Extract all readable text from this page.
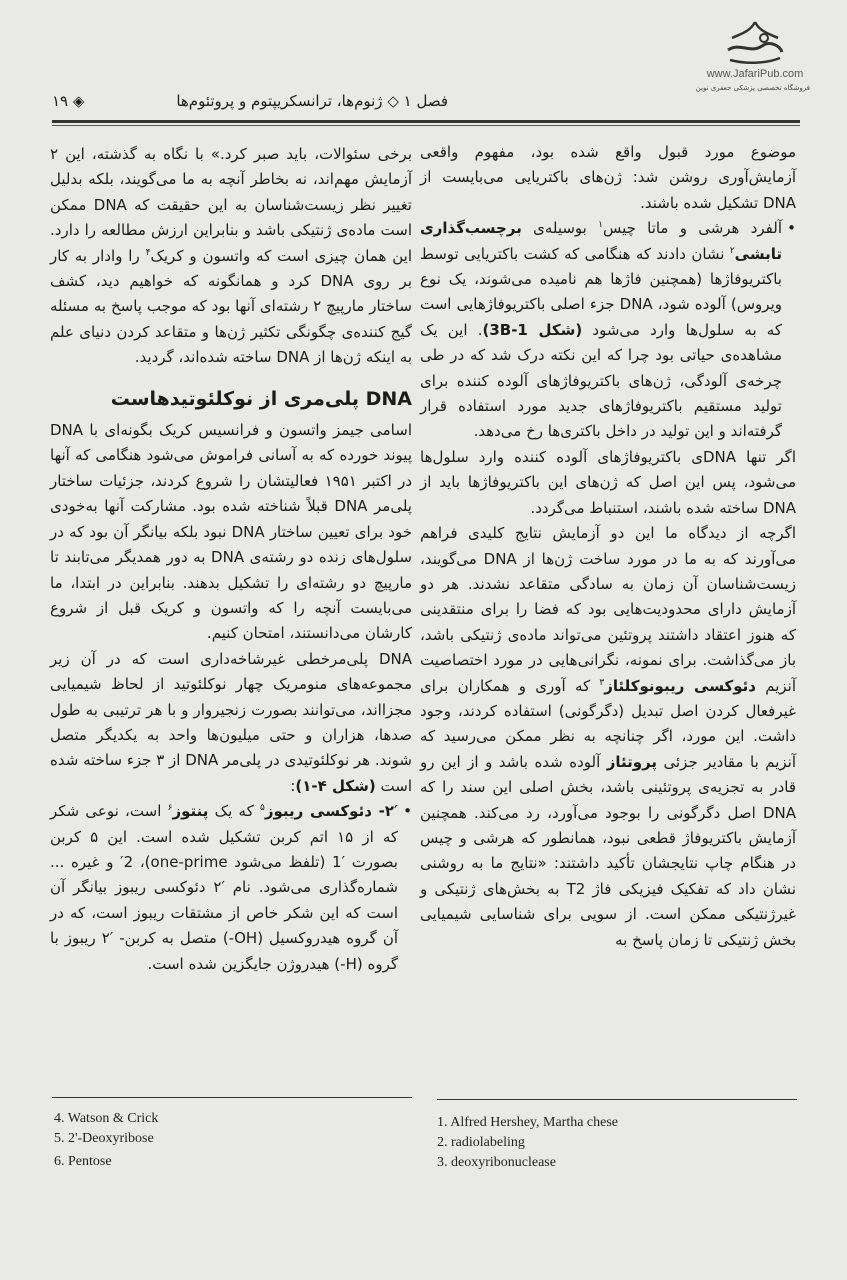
www.JafariPub.com
فروشگاه تخصصی پزشکی جعفری نوین
فصل ۱ ◇ ژنوم‌ها، ترانسکریپتوم و پروتئوم‌ها
◈ ۱۹

موضوع مورد قبول واقع شده بود، مفهوم واقعی آزمایش‌آوری روشن شد: ژن‌های باکتریایی می‌بایست از DNA تشکیل شده باشند.

• آلفرد هرشی و ماتا چیس$^۱$ بوسیله‌ی برچسب‌گذاری تابشی$^۲$ نشان دادند که هنگامی که کشت باکتریایی توسط باکتریوفاژها (همچنین فاژها هم نامیده می‌شوند، یک نوع ویروس) آلوده شود، DNA جزء اصلی باکتریوفاژهایی است که به سلول‌ها وارد می‌شود (شکل 3B-1). این یک مشاهده‌ی حیاتی بود چرا که این نکته درک شد که در طی چرخه‌ی آلودگی، ژن‌های باکتریوفاژهای آلوده کننده برای تولید مستقیم باکتریوفاژهای جدید مورد استفاده قرار گرفته‌اند و این تولید در داخل باکتری‌ها رخ می‌دهد.

اگر تنها DNAی باکتریوفاژهای آلوده کننده وارد سلول‌ها می‌شود، پس این اصل که ژن‌های این باکتریوفاژها باید از DNA ساخته شده باشند، استنباط می‌گردد.

اگرچه از دیدگاه ما این دو آزمایش نتایج کلیدی فراهم می‌آورند که به ما در مورد ساخت ژن‌ها از DNA می‌گویند، زیست‌شناسان آن زمان به سادگی متقاعد نشدند. هر دو آزمایش دارای محدودیت‌هایی بود که فضا را برای منتقدینی که هنوز اعتقاد داشتند پروتئین می‌تواند ماده‌ی ژنتیکی باشد، باز می‌گذاشت. برای نمونه، نگرانی‌هایی در مورد اختصاصیت آنزیم دئوکسی ریبونوکلئاز$^۳$ که آوری و همکاران برای غیرفعال کردن اصل تبدیل (دگرگونی) استفاده کردند، وجود داشت. این مورد، اگر چنانچه به نظر ممکن می‌رسید که آنزیم با مقادیر جزئی پروتئاز آلوده شده باشد و از این رو قادر به تجزیه‌ی پروتئینی باشد، بخش اصلی این سند را که DNA اصل دگرگونی را بوجود می‌آورد، رد می‌کند. همچنین آزمایش باکتریوفاژ قطعی نبود، همانطور که هرشی و چیس در هنگام چاپ نتایجشان تأکید داشتند: «نتایج ما به روشنی نشان داد که تفکیک فیزیکی فاژ T2 به بخش‌های ژنتیکی و غیرژنتیکی ممکن است. از سویی برای شناسایی شیمیایی بخش ژنتیکی تا زمان پاسخ به

برخی سئوالات، باید صبر کرد.» با نگاه به گذشته، این ۲ آزمایش مهم‌اند، نه بخاطر آنچه به ما می‌گویند، بلکه بدلیل تغییر نظر زیست‌شناسان به این حقیقت که DNA ممکن است ماده‌ی ژنتیکی باشد و بنابراین ارزش مطالعه را دارد. این همان چیزی است که واتسون و کریک$^۴$ را وادار به کار بر روی DNA کرد و همانگونه که خواهیم دید، کشف ساختار مارپیچ ۲ رشته‌ای آنها بود که موجب پاسخ به مسئله گیج کننده‌ی چگونگی تکثیر ژن‌ها و متقاعد کردن دنیای علم به اینکه ژن‌ها از DNA ساخته شده‌اند، گردید.

DNA پلی‌مری از نوکلئوتیدهاست

اسامی جیمز واتسون و فرانسیس کریک بگونه‌ای با DNA پیوند خورده که به آسانی فراموش می‌شود هنگامی که آنها در اکتبر ۱۹۵۱ فعالیتشان را شروع کردند، جزئیات ساختار پلی‌مر DNA قبلاً شناخته شده بود. مشارکت آنها به‌خودی خود برای تعیین ساختار DNA نبود بلکه بیانگر آن بود که در سلول‌های زنده دو رشته‌ی DNA به دور همدیگر می‌تابند تا مارپیچ دو رشته‌ای را تشکیل بدهند. بنابراین در ابتدا، ما می‌بایست آنچه را که واتسون و کریک قبل از شروع کارشان می‌دانستند، امتحان کنیم.

DNA پلی‌مرخطی غیرشاخه‌داری است که در آن زیر مجموعه‌های منومریک چهار نوکلئوتید از لحاظ شیمیایی مجزااند، می‌توانند بصورت زنجیروار و با هر ترتیبی به طول صدها، هزاران و حتی میلیون‌ها واحد به یکدیگر متصل شوند. هر نوکلئوتیدی در پلی‌مر DNA از ۳ جزء ساخته شده است (شکل ۴-۱):

• ۲′- دئوکسی ریبوز$^۵$ که یک پنتوز$^۶$ است، نوعی شکر که از ۱۵ اتم کربن تشکیل شده است. این ۵ کربن بصورت ′1 (تلفظ می‌شود one-prime)، ′2 و غیره ... شماره‌گذاری می‌شود. نام ′۲ دئوکسی ریبوز بیانگر آن است که این شکر خاص از مشتقات ریبوز است، که در آن گروه هیدروکسیل (OH-) متصل به کربن- ′۲ ریبوز با گروه (H-) هیدروژن جایگزین شده است.

4. Watson & Crick
5. 2'-Deoxyribose
6. Pentose
1. Alfred Hershey, Martha chese
2. radiolabeling
3. deoxyribonuclease
